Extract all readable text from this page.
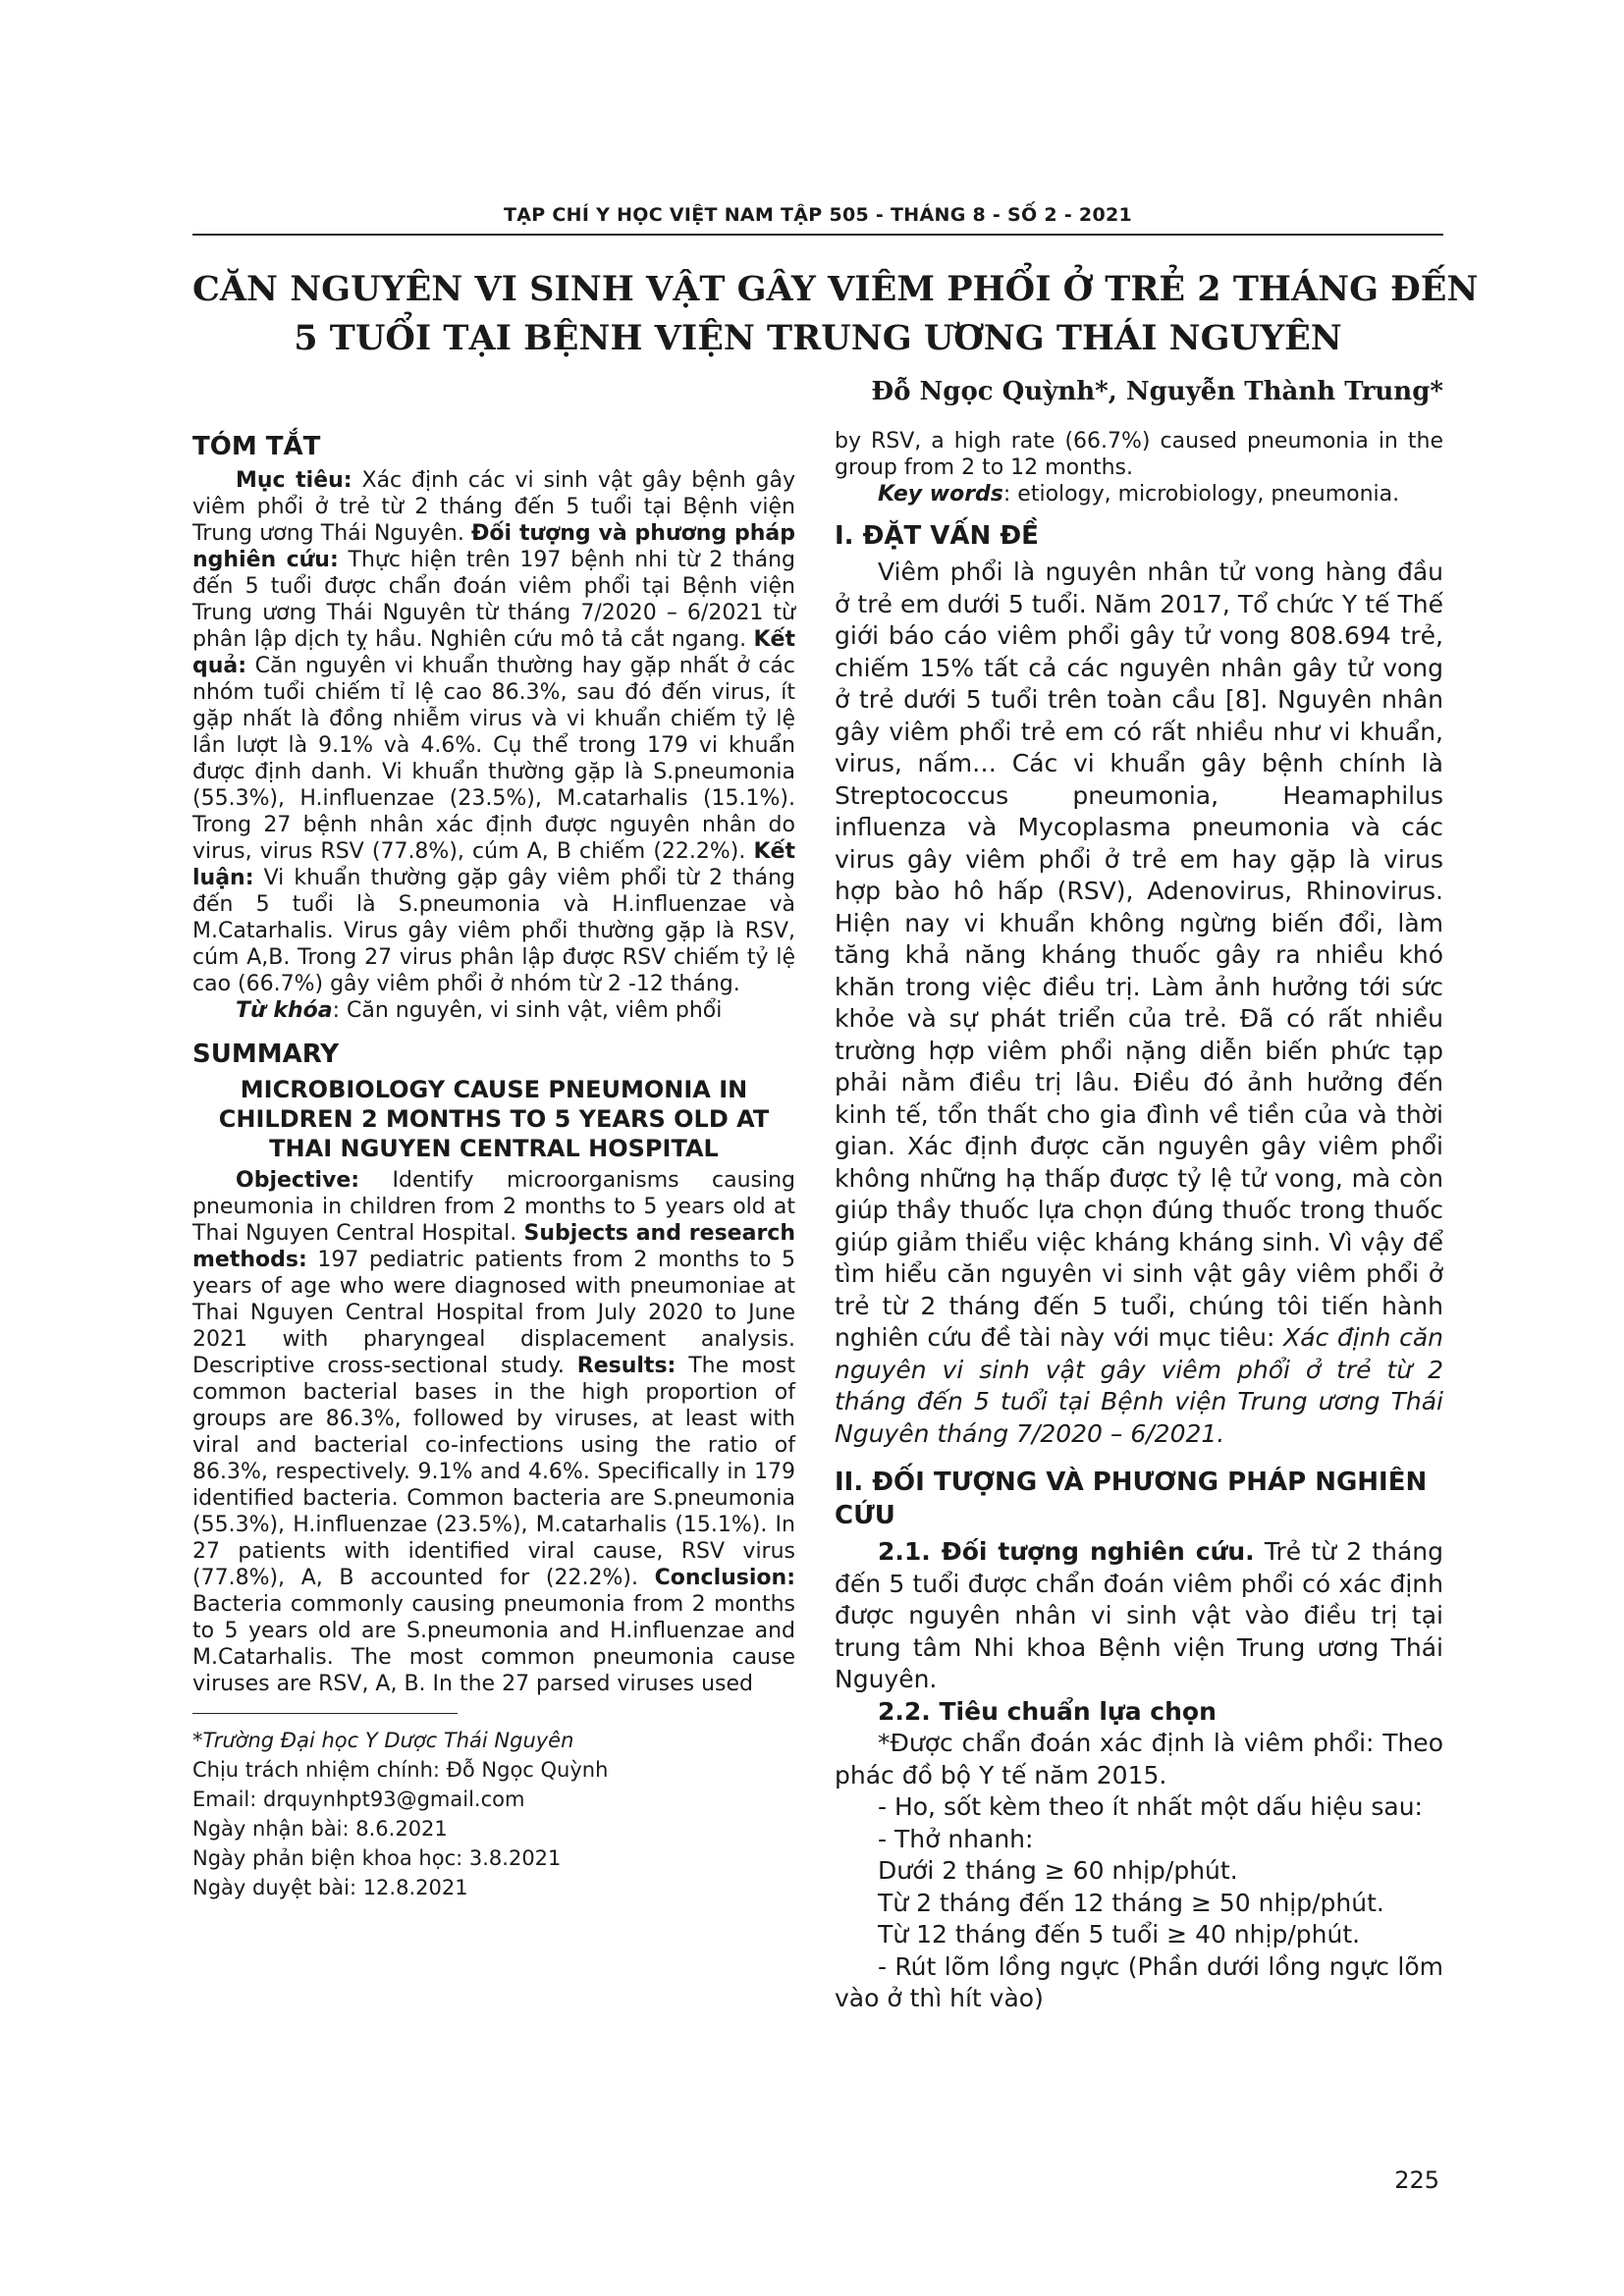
TẠP CHÍ Y HỌC VIỆT NAM TẬP 505 - THÁNG 8 - SỐ 2 - 2021
CĂN NGUYÊN VI SINH VẬT GÂY VIÊM PHỔI Ở TRẺ 2 THÁNG ĐẾN
5 TUỔI TẠI BỆNH VIỆN TRUNG ƯƠNG THÁI NGUYÊN
Đỗ Ngọc Quỳnh*, Nguyễn Thành Trung*
TÓM TẮT

Mục tiêu: Xác định các vi sinh vật gây bệnh gây viêm phổi ở trẻ từ 2 tháng đến 5 tuổi tại Bệnh viện Trung ương Thái Nguyên. Đối tượng và phương pháp nghiên cứu: Thực hiện trên 197 bệnh nhi từ 2 tháng đến 5 tuổi được chẩn đoán viêm phổi tại Bệnh viện Trung ương Thái Nguyên từ tháng 7/2020 – 6/2021 từ phân lập dịch tỵ hầu. Nghiên cứu mô tả cắt ngang. Kết quả: Căn nguyên vi khuẩn thường hay gặp nhất ở các nhóm tuổi chiếm tỉ lệ cao 86.3%, sau đó đến virus, ít gặp nhất là đồng nhiễm virus và vi khuẩn chiếm tỷ lệ lần lượt là 9.1% và 4.6%. Cụ thể trong 179 vi khuẩn được định danh. Vi khuẩn thường gặp là S.pneumonia (55.3%), H.influenzae (23.5%), M.catarhalis (15.1%). Trong 27 bệnh nhân xác định được nguyên nhân do virus, virus RSV (77.8%), cúm A, B chiếm (22.2%). Kết luận: Vi khuẩn thường gặp gây viêm phổi từ 2 tháng đến 5 tuổi là S.pneumonia và H.influenzae và M.Catarhalis. Virus gây viêm phổi thường gặp là RSV, cúm A,B. Trong 27 virus phân lập được RSV chiếm tỷ lệ cao (66.7%) gây viêm phổi ở nhóm từ 2 -12 tháng.

Từ khóa: Căn nguyên, vi sinh vật, viêm phổi

SUMMARY
MICROBIOLOGY CAUSE PNEUMONIA IN
CHILDREN 2 MONTHS TO 5 YEARS OLD AT
THAI NGUYEN CENTRAL HOSPITAL

Objective: Identify microorganisms causing pneumonia in children from 2 months to 5 years old at Thai Nguyen Central Hospital. Subjects and research methods: 197 pediatric patients from 2 months to 5 years of age who were diagnosed with pneumoniae at Thai Nguyen Central Hospital from July 2020 to June 2021 with pharyngeal displacement analysis. Descriptive cross-sectional study. Results: The most common bacterial bases in the high proportion of groups are 86.3%, followed by viruses, at least with viral and bacterial co-infections using the ratio of 86.3%, respectively. 9.1% and 4.6%. Specifically in 179 identified bacteria. Common bacteria are S.pneumonia (55.3%), H.influenzae (23.5%), M.catarhalis (15.1%). In 27 patients with identified viral cause, RSV virus (77.8%), A, B accounted for (22.2%). Conclusion: Bacteria commonly causing pneumonia from 2 months to 5 years old are S.pneumonia and H.influenzae and M.Catarhalis. The most common pneumonia cause viruses are RSV, A, B. In the 27 parsed viruses used

*Trường Đại học Y Dược Thái Nguyên

Chịu trách nhiệm chính: Đỗ Ngọc Quỳnh

Email: drquynhpt93@gmail.com

Ngày nhận bài: 8.6.2021

Ngày phản biện khoa học: 3.8.2021

Ngày duyệt bài: 12.8.2021

by RSV, a high rate (66.7%) caused pneumonia in the group from 2 to 12 months.

Key words: etiology, microbiology, pneumonia.

I. ĐẶT VẤN ĐỀ

Viêm phổi là nguyên nhân tử vong hàng đầu ở trẻ em dưới 5 tuổi. Năm 2017, Tổ chức Y tế Thế giới báo cáo viêm phổi gây tử vong 808.694 trẻ, chiếm 15% tất cả các nguyên nhân gây tử vong ở trẻ dưới 5 tuổi trên toàn cầu [8]. Nguyên nhân gây viêm phổi trẻ em có rất nhiều như vi khuẩn, virus, nấm… Các vi khuẩn gây bệnh chính là Streptococcus pneumonia, Heamaphilus influenza và Mycoplasma pneumonia và các virus gây viêm phổi ở trẻ em hay gặp là virus hợp bào hô hấp (RSV), Adenovirus, Rhinovirus. Hiện nay vi khuẩn không ngừng biến đổi, làm tăng khả năng kháng thuốc gây ra nhiều khó khăn trong việc điều trị. Làm ảnh hưởng tới sức khỏe và sự phát triển của trẻ. Đã có rất nhiều trường hợp viêm phổi nặng diễn biến phức tạp phải nằm điều trị lâu. Điều đó ảnh hưởng đến kinh tế, tổn thất cho gia đình về tiền của và thời gian. Xác định được căn nguyên gây viêm phổi không những hạ thấp được tỷ lệ tử vong, mà còn giúp thầy thuốc lựa chọn đúng thuốc trong thuốc giúp giảm thiểu việc kháng kháng sinh. Vì vậy để tìm hiểu căn nguyên vi sinh vật gây viêm phổi ở trẻ từ 2 tháng đến 5 tuổi, chúng tôi tiến hành nghiên cứu đề tài này với mục tiêu: Xác định căn nguyên vi sinh vật gây viêm phổi ở trẻ từ 2 tháng đến 5 tuổi tại Bệnh viện Trung ương Thái Nguyên tháng 7/2020 – 6/2021.

II. ĐỐI TƯỢNG VÀ PHƯƠNG PHÁP NGHIÊN CỨU

2.1. Đối tượng nghiên cứu. Trẻ từ 2 tháng đến 5 tuổi được chẩn đoán viêm phổi có xác định được nguyên nhân vi sinh vật vào điều trị tại trung tâm Nhi khoa Bệnh viện Trung ương Thái Nguyên.

2.2. Tiêu chuẩn lựa chọn

*Được chẩn đoán xác định là viêm phổi: Theo phác đồ bộ Y tế năm 2015.

- Ho, sốt kèm theo ít nhất một dấu hiệu sau:

- Thở nhanh:

Dưới 2 tháng ≥ 60 nhịp/phút.

Từ 2 tháng đến 12 tháng ≥ 50 nhịp/phút.

Từ 12 tháng đến 5 tuổi ≥ 40 nhịp/phút.

- Rút lõm lồng ngực (Phần dưới lồng ngực lõm vào ở thì hít vào)

225
